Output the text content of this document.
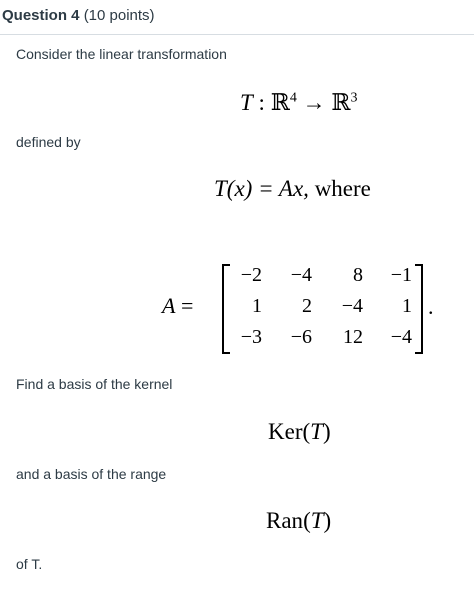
Question 4 (10 points)
Consider the linear transformation
T : ℝ$^4$ → ℝ$^3$
defined by
T(x) = Ax, where
A =
−2	−4	8	−1
1	2	−4	1
−3	−6	12	−4
.
Find a basis of the kernel
Ker(T)
and a basis of the range
Ran(T)
of T.
